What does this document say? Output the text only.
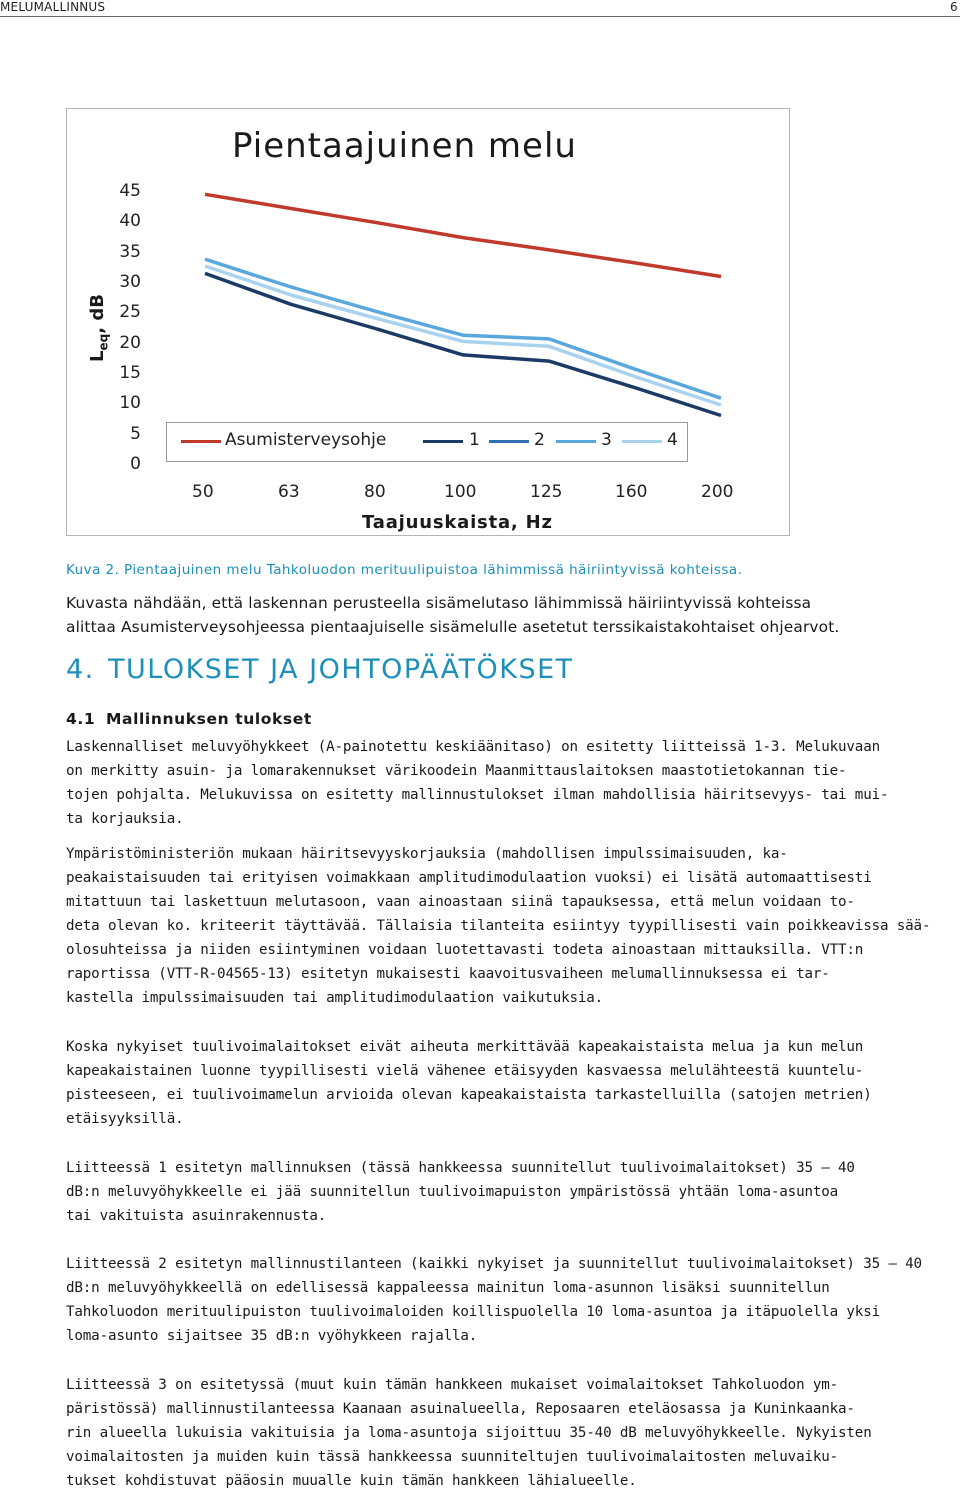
MELUMALLINNUS	6
Pientaajuinen melu
$L_{eq}$, dB
45
40
35
30
25
20
15
10
5
0
50	63	80	100	125	160	200
Taajuuskaista, Hz
Asumisterveysohje	1	2	3	4
Kuva 2. Pientaajuinen melu Tahkoluodon merituulipuistoa lähimmissä häiriintyvissä kohteissa.
Kuvasta nähdään, että laskennan perusteella sisämelutaso lähimmissä häiriintyvissä kohteissa
alittaa Asumisterveysohjeessa pientaajuiselle sisämelulle asetetut terssikaistakohtaiset ohjearvot.
4. TULOKSET JA JOHTOPÄÄTÖKSET
4.1 Mallinnuksen tulokset
Laskennalliset meluvyöhykkeet (A-painotettu keskiäänitaso) on esitetty liitteissä 1-3. Melukuvaan
on merkitty asuin- ja lomarakennukset värikoodein Maanmittauslaitoksen maastotietokannan tie-
tojen pohjalta. Melukuvissa on esitetty mallinnustulokset ilman mahdollisia häiritsevyys- tai mui-
ta korjauksia.
Ympäristöministeriön mukaan häiritsevyyskorjauksia (mahdollisen impulssimaisuuden, ka-
peakaistaisuuden tai erityisen voimakkaan amplitudimodulaation vuoksi) ei lisätä automaattisesti
mitattuun tai laskettuun melutasoon, vaan ainoastaan siinä tapauksessa, että melun voidaan to-
deta olevan ko. kriteerit täyttävää. Tällaisia tilanteita esiintyy tyypillisesti vain poikkeavissa sää-
olosuhteissa ja niiden esiintyminen voidaan luotettavasti todeta ainoastaan mittauksilla. VTT:n
raportissa (VTT-R-04565-13) esitetyn mukaisesti kaavoitusvaiheen melumallinnuksessa ei tar-
kastella impulssimaisuuden tai amplitudimodulaation vaikutuksia.
Koska nykyiset tuulivoimalaitokset eivät aiheuta merkittävää kapeakaistaista melua ja kun melun
kapeakaistainen luonne tyypillisesti vielä vähenee etäisyyden kasvaessa melulähteestä kuuntelu-
pisteeseen, ei tuulivoimamelun arvioida olevan kapeakaistaista tarkastelluilla (satojen metrien)
etäisyyksillä.
Liitteessä 1 esitetyn mallinnuksen (tässä hankkeessa suunnitellut tuulivoimalaitokset) 35 — 40
dB:n meluvyöhykkeelle ei jää suunnitellun tuulivoimapuiston ympäristössä yhtään loma-asuntoa
tai vakituista asuinrakennusta.
Liitteessä 2 esitetyn mallinnustilanteen (kaikki nykyiset ja suunnitellut tuulivoimalaitokset) 35 — 40
dB:n meluvyöhykkeellä on edellisessä kappaleessa mainitun loma-asunnon lisäksi suunnitellun
Tahkoluodon merituulipuiston tuulivoimaloiden koillispuolella 10 loma-asuntoa ja itäpuolella yksi
loma-asunto sijaitsee 35 dB:n vyöhykkeen rajalla.
Liitteessä 3 on esitetyssä (muut kuin tämän hankkeen mukaiset voimalaitokset Tahkoluodon ym-
päristössä) mallinnustilanteessa Kaanaan asuinalueella, Reposaaren eteläosassa ja Kuninkaanka-
rin alueella lukuisia vakituisia ja loma-asuntoja sijoittuu 35-40 dB meluvyöhykkeelle. Nykyisten
voimalaitosten ja muiden kuin tässä hankkeessa suunniteltujen tuulivoimalaitosten meluvaiku-
tukset kohdistuvat pääosin muualle kuin tämän hankkeen lähialueelle.
